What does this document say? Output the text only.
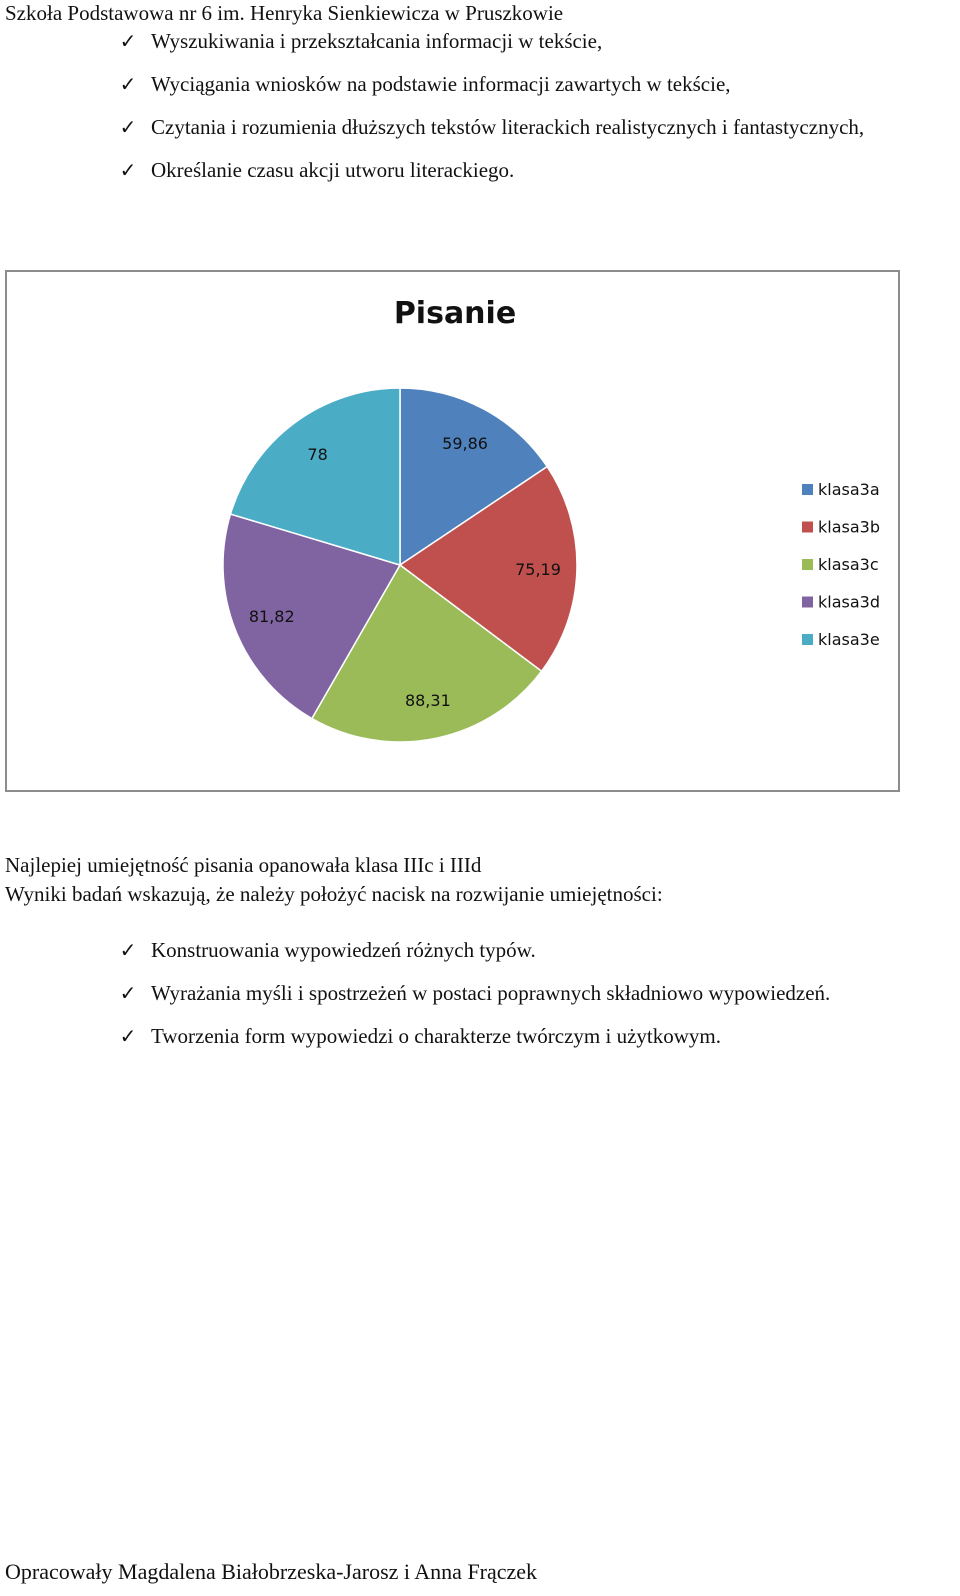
Szkoła Podstawowa nr 6 im. Henryka Sienkiewicza w Pruszkowie
✓ Wyszukiwania i przekształcania informacji w tekście,
✓ Wyciągania wniosków na podstawie informacji zawartych w tekście,
✓ Czytania i rozumienia dłuższych tekstów literackich realistycznych i fantastycznych,
✓ Określanie czasu akcji utworu literackiego.
Pisanie
59,86
75,19
88,31
81,82
78
klasa3a
klasa3b
klasa3c
klasa3d
klasa3e
Najlepiej umiejętność pisania opanowała klasa IIIc i IIId
Wyniki badań wskazują, że należy położyć nacisk na rozwijanie umiejętności:
✓ Konstruowania wypowiedzeń różnych typów.
✓ Wyrażania myśli i spostrzeżeń w postaci poprawnych składniowo wypowiedzeń.
✓ Tworzenia form wypowiedzi o charakterze twórczym i użytkowym.
Opracowały Magdalena Białobrzeska-Jarosz i Anna Frączek
